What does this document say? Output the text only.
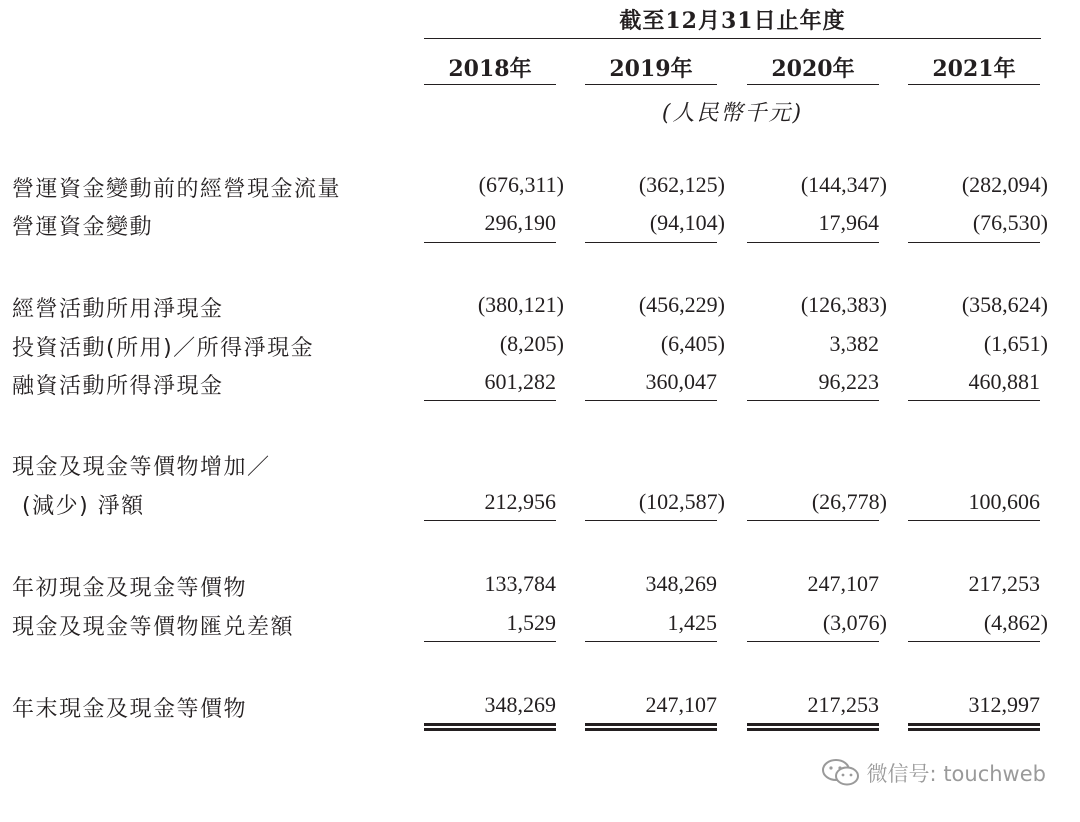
截至12月31日止年度
2018年	2019年	2020年	2021年
(人民幣千元)
營運資金變動前的經營現金流量	(676,311)	(362,125)	(144,347)	(282,094)
營運資金變動	296,190	(94,104)	17,964	(76,530)
經營活動所用淨現金	(380,121)	(456,229)	(126,383)	(358,624)
投資活動(所用)／所得淨現金	(8,205)	(6,405)	3,382	(1,651)
融資活動所得淨現金	601,282	360,047	96,223	460,881
現金及現金等價物增加／
(減少) 淨額	212,956	(102,587)	(26,778)	100,606
年初現金及現金等價物	133,784	348,269	247,107	217,253
現金及現金等價物匯兑差額	1,529	1,425	(3,076)	(4,862)
年末現金及現金等價物	348,269	247,107	217,253	312,997
微信号: touchweb
